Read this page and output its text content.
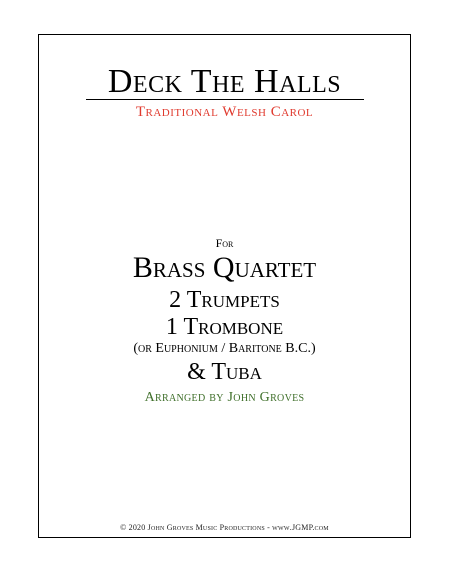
Deck The Halls
Traditional Welsh Carol
For
Brass Quartet
2 Trumpets
1 Trombone
(or Euphonium / Baritone B.C.)
& Tuba
Arranged by John Groves
© 2020 John Groves Music Productions - www.JGMP.com
